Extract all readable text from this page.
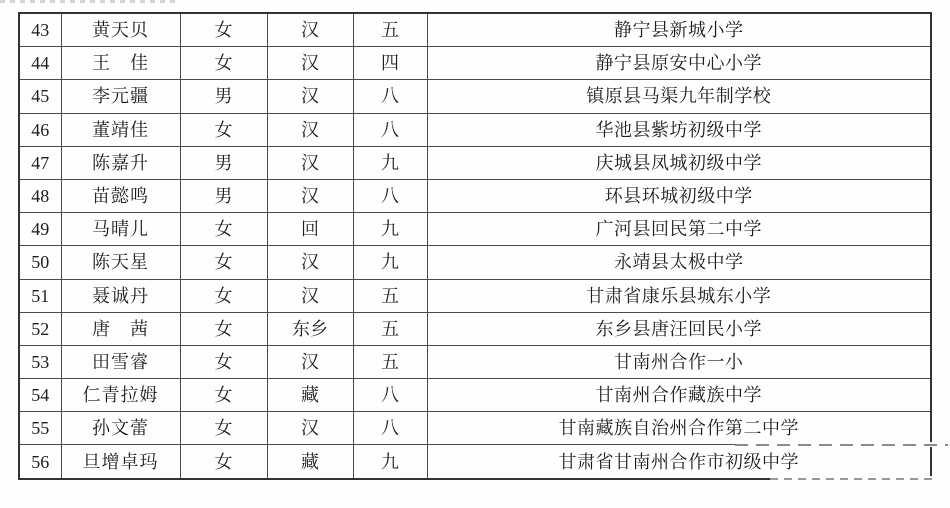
43	黄天贝	女	汉	五	静宁县新城小学
44	王　佳	女	汉	四	静宁县原安中心小学
45	李元疆	男	汉	八	镇原县马渠九年制学校
46	董靖佳	女	汉	八	华池县紫坊初级中学
47	陈嘉升	男	汉	九	庆城县凤城初级中学
48	苗懿鸣	男	汉	八	环县环城初级中学
49	马晴儿	女	回	九	广河县回民第二中学
50	陈天星	女	汉	九	永靖县太极中学
51	聂诚丹	女	汉	五	甘肃省康乐县城东小学
52	唐　茜	女	东乡	五	东乡县唐汪回民小学
53	田雪睿	女	汉	五	甘南州合作一小
54	仁青拉姆	女	藏	八	甘南州合作藏族中学
55	孙文蕾	女	汉	八	甘南藏族自治州合作第二中学
56	旦增卓玛	女	藏	九	甘肃省甘南州合作市初级中学
